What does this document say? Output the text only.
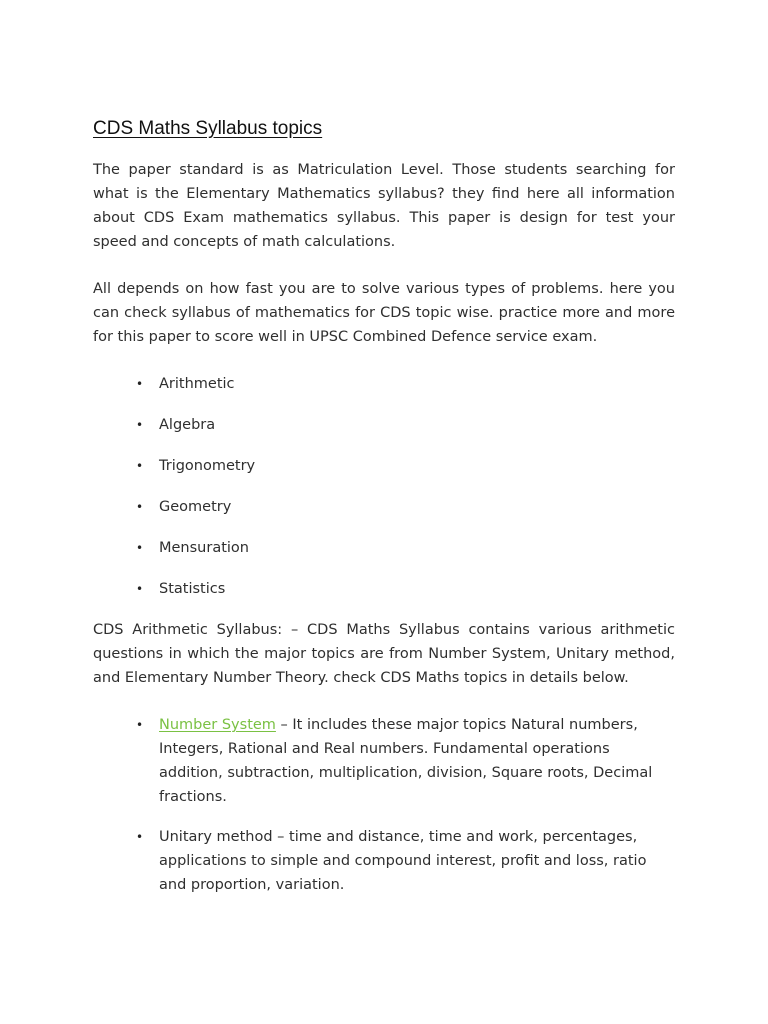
CDS Maths Syllabus topics

The paper standard is as Matriculation Level. Those students searching for what is the Elementary Mathematics syllabus? they find here all information about CDS Exam mathematics syllabus. This paper is design for test your speed and concepts of math calculations.

All depends on how fast you are to solve various types of problems. here you can check syllabus of mathematics for CDS topic wise. practice more and more for this paper to score well in UPSC Combined Defence service exam.

• Arithmetic
• Algebra
• Trigonometry
• Geometry
• Mensuration
• Statistics

CDS Arithmetic Syllabus: – CDS Maths Syllabus contains various arithmetic questions in which the major topics are from Number System, Unitary method, and Elementary Number Theory. check CDS Maths topics in details below.

• Number System – It includes these major topics Natural numbers, Integers, Rational and Real numbers. Fundamental operations addition, subtraction, multiplication, division, Square roots, Decimal fractions.
• Unitary method – time and distance, time and work, percentages, applications to simple and compound interest, profit and loss, ratio and proportion, variation.
